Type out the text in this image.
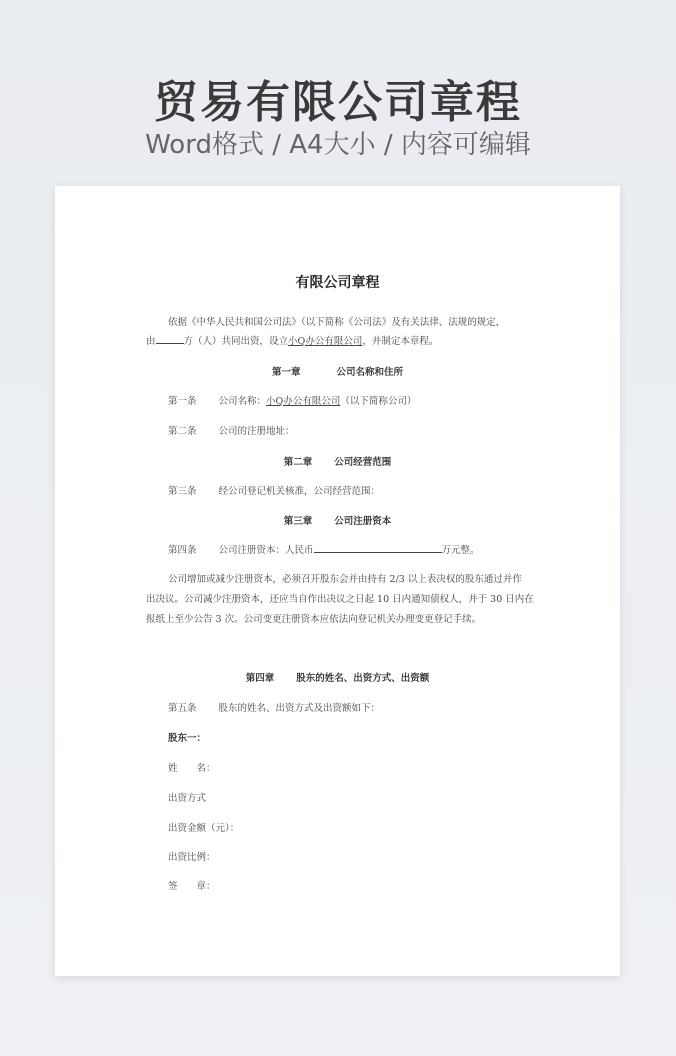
贸易有限公司章程
Word格式 / A4大小 / 内容可编辑
有限公司章程
依据《中华人民共和国公司法》（以下简称《公司法》及有关法律、法规的规定，
由	方（人）共同出资，设立小Q办公有限公司，并制定本章程。
第一章	公司名称和住所
第一条 公司名称：小Q办公有限公司（以下简称公司）
第二条 公司的注册地址：
第二章 公司经营范围
第三条 经公司登记机关核准，公司经营范围：
第三章 公司注册资本
第四条 公司注册资本：人民币	万元整。
公司增加或减少注册资本，必须召开股东会并由持有 2/3 以上表决权的股东通过并作
出决议。公司减少注册资本，还应当自作出决议之日起 10 日内通知债权人，并于 30 日内在
报纸上至少公告 3 次。公司变更注册资本应依法向登记机关办理变更登记手续。
第四章 股东的姓名、出资方式、出资额
第五条 股东的姓名、出资方式及出资额如下：
股东一：
姓　　名：
出资方式
出资金额（元）：
出资比例：
签　　章：
